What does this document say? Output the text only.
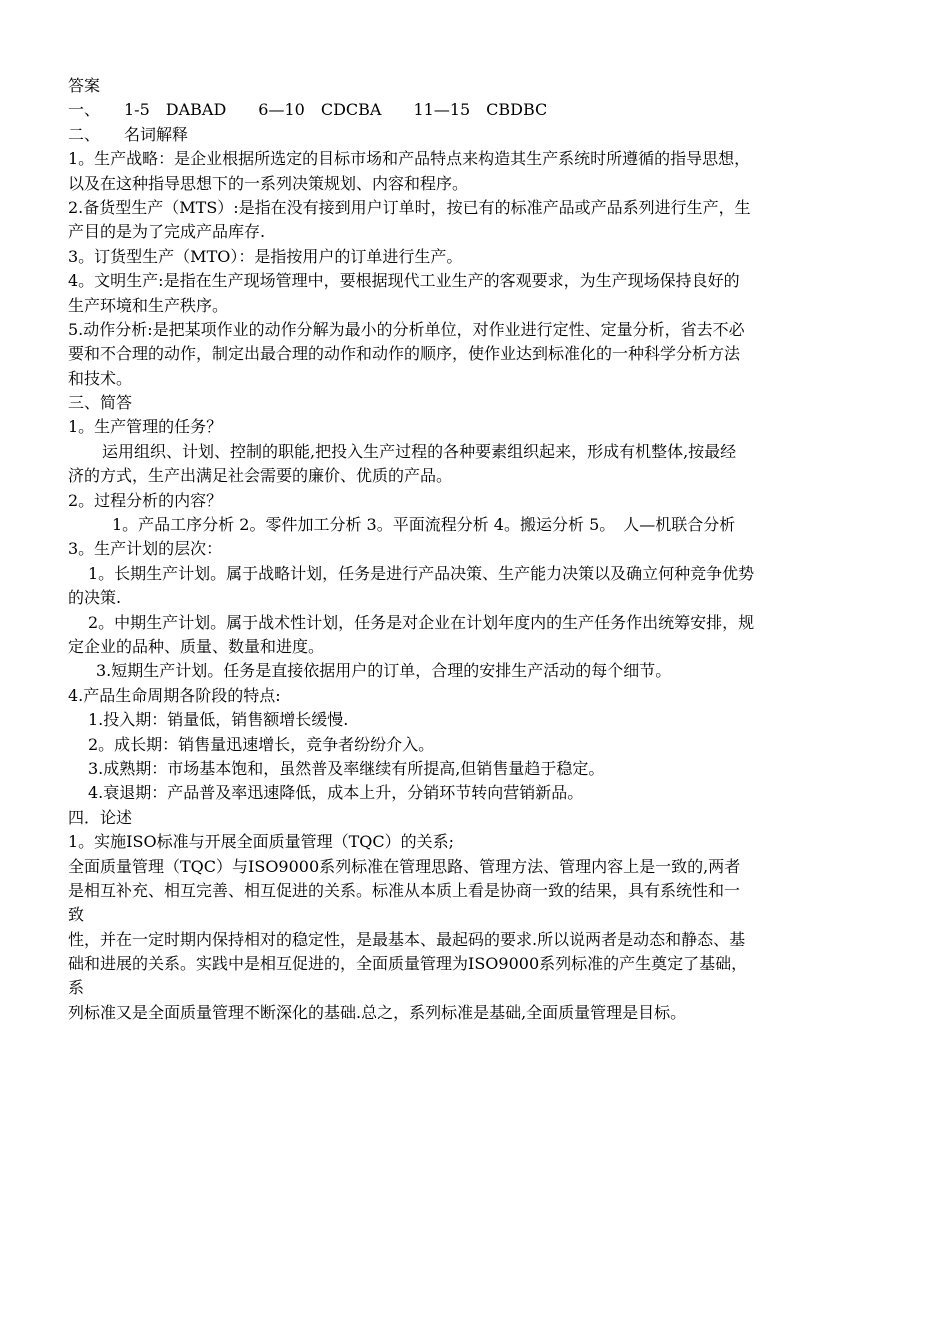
答案
一、　　1-5　DABAD　　6—10　CDCBA　　11—15　CBDBC
二、　　名词解释
1。生产战略：是企业根据所选定的目标市场和产品特点来构造其生产系统时所遵循的指导思想，
以及在这种指导思想下的一系列决策规划、内容和程序。
2.备货型生产（MTS）:是指在没有接到用户订单时，按已有的标准产品或产品系列进行生产，生
产目的是为了完成产品库存.
3。订货型生产（MTO）：是指按用户的订单进行生产。
4。文明生产:是指在生产现场管理中，要根据现代工业生产的客观要求，为生产现场保持良好的
生产环境和生产秩序。
5.动作分析:是把某项作业的动作分解为最小的分析单位，对作业进行定性、定量分析，省去不必
要和不合理的动作，制定出最合理的动作和动作的顺序，使作业达到标准化的一种科学分析方法
和技术。
三、简答
1。生产管理的任务？
运用组织、计划、控制的职能,把投入生产过程的各种要素组织起来，形成有机整体,按最经
济的方式，生产出满足社会需要的廉价、优质的产品。
2。过程分析的内容？
1。产品工序分析 2。零件加工分析 3。平面流程分析 4。搬运分析 5。　人—机联合分析
3。生产计划的层次：
1。长期生产计划。属于战略计划，任务是进行产品决策、生产能力决策以及确立何种竞争优势
的决策.
2。中期生产计划。属于战术性计划，任务是对企业在计划年度内的生产任务作出统筹安排，规
定企业的品种、质量、数量和进度。
3.短期生产计划。任务是直接依据用户的订单，合理的安排生产活动的每个细节。
4.产品生命周期各阶段的特点:
1.投入期：销量低，销售额增长缓慢.
2。成长期：销售量迅速增长，竞争者纷纷介入。
3.成熟期：市场基本饱和，虽然普及率继续有所提高,但销售量趋于稳定。
4.衰退期：产品普及率迅速降低，成本上升，分销环节转向营销新品。
四．论述
1。实施ISO标准与开展全面质量管理（TQC）的关系;
全面质量管理（TQC）与ISO9000系列标准在管理思路、管理方法、管理内容上是一致的,两者
是相互补充、相互完善、相互促进的关系。标准从本质上看是协商一致的结果，具有系统性和一
致
性，并在一定时期内保持相对的稳定性，是最基本、最起码的要求.所以说两者是动态和静态、基
础和进展的关系。实践中是相互促进的，全面质量管理为ISO9000系列标准的产生奠定了基础，
系
列标准又是全面质量管理不断深化的基础.总之，系列标准是基础,全面质量管理是目标。
